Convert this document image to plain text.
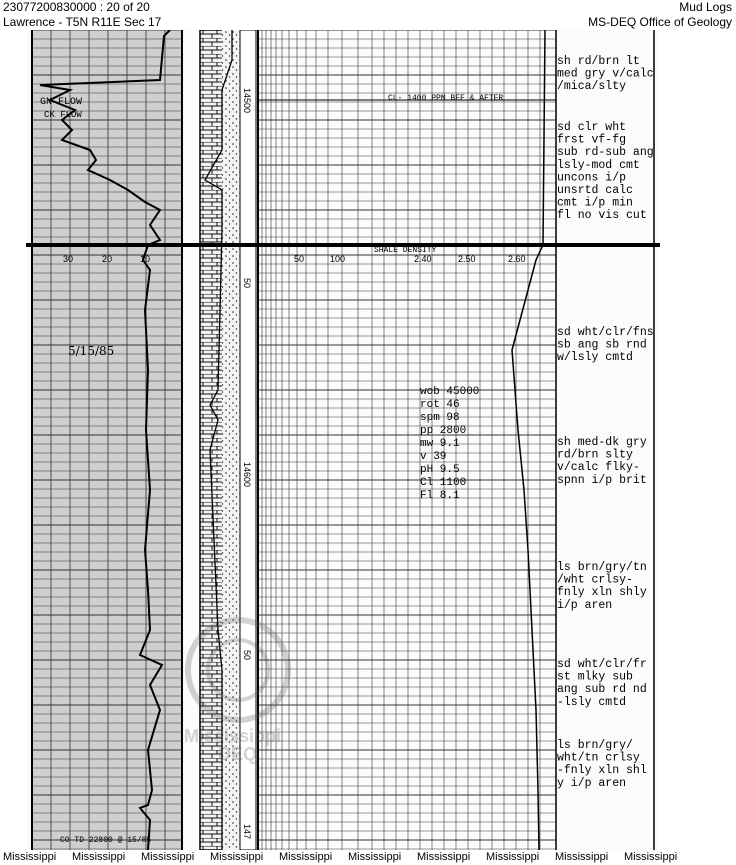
23077200830000 : 20 of 20
Lawrence - T5N R11E Sec 17
Mud Logs
MS-DEQ Office of Geology
GN FLOW
CK FLOW
CL- 1400 PPM BEF & AFTER
SHALE DENSITY
30	20	10	50	100	2.40	2.50	2.60
5/15/85
14500
50
14600
50
147
CO TD 22800 @ 15/85
wob 45000
rot 46
spm 98
pp 2800
mw 9.1
v 39
pH 9.5
Cl 1100
Fl 8.1
sh rd/brn lt
med gry v/calc
/mica/slty
sd clr wht
frst vf-fg
sub rd-sub ang
lsly-mod cmt
uncons i/p
unsrtd calc
cmt i/p min
fl no vis cut
sd wht/clr/fns
sb ang sb rnd
w/lsly cmtd
sh med-dk gry
rd/brn slty
v/calc flky-
spnn i/p brit
ls brn/gry/tn
/wht crlsy-
fnly xln shly
i/p aren
sd wht/clr/fr
st mlky sub
ang sub rd nd
-lsly cmtd
ls brn/gry/
wht/tn crlsy
-fnly xln shl
y i/p aren
Mississippi
DEQ
Mississippi Mississippi Mississippi Mississippi Mississippi Mississippi Mississippi Mississippi Mississippi Mississippi
